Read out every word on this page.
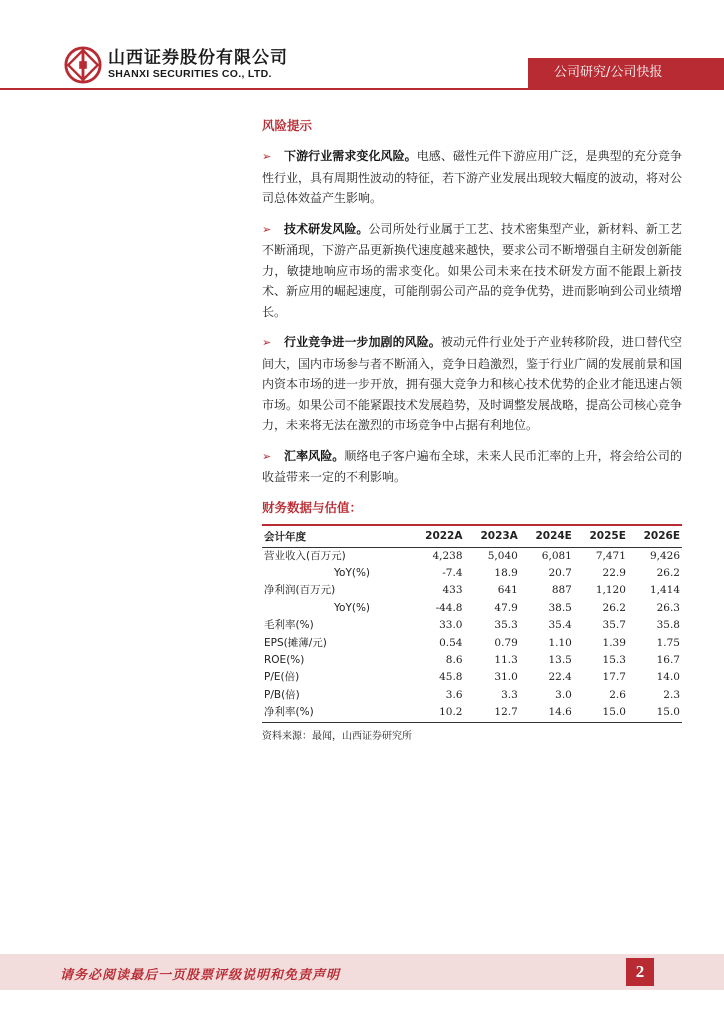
山西证券股份有限公司
SHANXI SECURITIES CO., LTD.	公司研究/公司快报
风险提示

➢ 下游行业需求变化风险。电感、磁性元件下游应用广泛，是典型的充分竞争性行业，具有周期性波动的特征，若下游产业发展出现较大幅度的波动，将对公司总体效益产生影响。

➢ 技术研发风险。公司所处行业属于工艺、技术密集型产业，新材料、新工艺不断涌现，下游产品更新换代速度越来越快，要求公司不断增强自主研发创新能力，敏捷地响应市场的需求变化。如果公司未来在技术研发方面不能跟上新技术、新应用的崛起速度，可能削弱公司产品的竞争优势，进而影响到公司业绩增长。

➢ 行业竞争进一步加剧的风险。被动元件行业处于产业转移阶段，进口替代空间大，国内市场参与者不断涌入，竞争日趋激烈，鉴于行业广阔的发展前景和国内资本市场的进一步开放，拥有强大竞争力和核心技术优势的企业才能迅速占领市场。如果公司不能紧跟技术发展趋势，及时调整发展战略，提高公司核心竞争力，未来将无法在激烈的市场竞争中占据有利地位。

➢ 汇率风险。顺络电子客户遍布全球，未来人民币汇率的上升，将会给公司的收益带来一定的不利影响。

财务数据与估值：
会计年度	2022A	2023A	2024E	2025E	2026E
营业收入(百万元)	4,238	5,040	6,081	7,471	9,426
YoY(%)	-7.4	18.9	20.7	22.9	26.2
净利润(百万元)	433	641	887	1,120	1,414
YoY(%)	-44.8	47.9	38.5	26.2	26.3
毛利率(%)	33.0	35.3	35.4	35.7	35.8
EPS(摊薄/元)	0.54	0.79	1.10	1.39	1.75
ROE(%)	8.6	11.3	13.5	15.3	16.7
P/E(倍)	45.8	31.0	22.4	17.7	14.0
P/B(倍)	3.6	3.3	3.0	2.6	2.3
净利率(%)	10.2	12.7	14.6	15.0	15.0
资料来源：最闻，山西证券研究所
请务必阅读最后一页股票评级说明和免责声明	2
